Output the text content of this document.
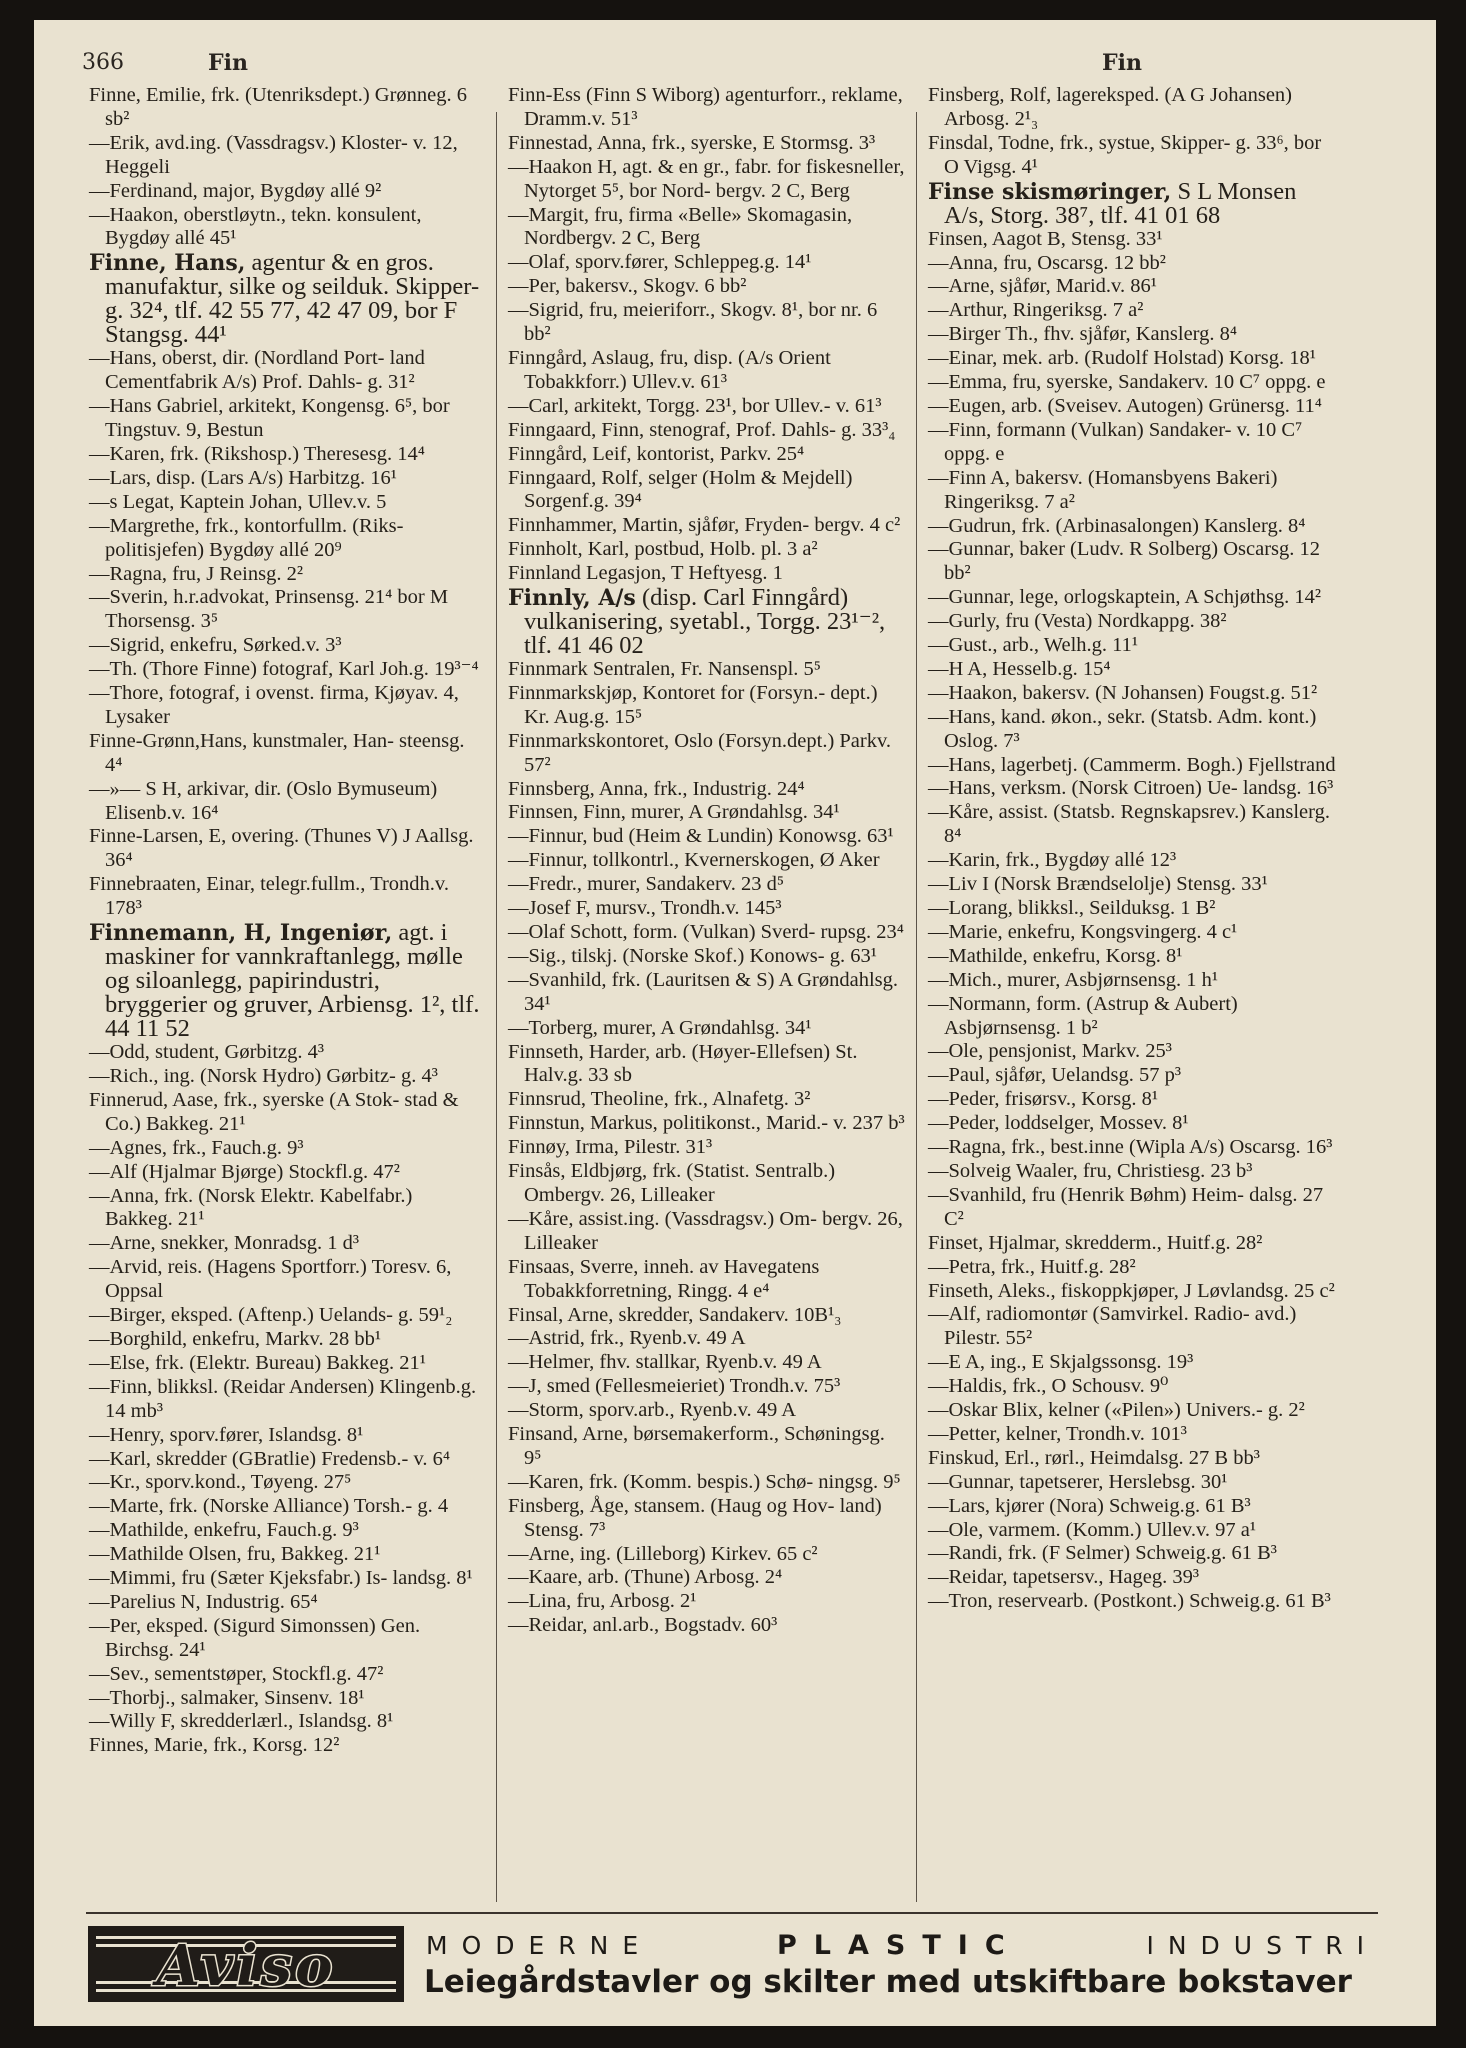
366	Fin	Fin

Finne, Emilie, frk. (Utenriksdept.) Grønneg. 6 sb²

—Erik, avd.ing. (Vassdragsv.) Kloster- v. 12, Heggeli

—Ferdinand, major, Bygdøy allé 9²

—Haakon, oberstløytn., tekn. konsulent, Bygdøy allé 45¹

Finne, Hans, agentur & en gros. manufaktur, silke og seilduk. Skipper- g. 32⁴, tlf. 42 55 77, 42 47 09, bor F Stangsg. 44¹

—Hans, oberst, dir. (Nordland Port- land Cementfabrik A/s) Prof. Dahls- g. 31²

—Hans Gabriel, arkitekt, Kongensg. 6⁵, bor Tingstuv. 9, Bestun

—Karen, frk. (Rikshosp.) Theresesg. 14⁴

—Lars, disp. (Lars A/s) Harbitzg. 16¹

—s Legat, Kaptein Johan, Ullev.v. 5

—Margrethe, frk., kontorfullm. (Riks- politisjefen) Bygdøy allé 20⁹

—Ragna, fru, J Reinsg. 2²

—Sverin, h.r.advokat, Prinsensg. 21⁴ bor M Thorsensg. 3⁵

—Sigrid, enkefru, Sørked.v. 3³

—Th. (Thore Finne) fotograf, Karl Joh.g. 19³⁻⁴

—Thore, fotograf, i ovenst. firma, Kjøyav. 4, Lysaker

Finne-Grønn,Hans, kunstmaler, Han- steensg. 4⁴

—»— S H, arkivar, dir. (Oslo Bymuseum) Elisenb.v. 16⁴

Finne-Larsen, E, overing. (Thunes V) J Aallsg. 36⁴

Finnebraaten, Einar, telegr.fullm., Trondh.v. 178³

Finnemann, H, Ingeniør, agt. i maskiner for vannkraftanlegg, mølle og siloanlegg, papirindustri, bryggerier og gruver, Arbiensg. 1², tlf. 44 11 52

—Odd, student, Gørbitzg. 4³

—Rich., ing. (Norsk Hydro) Gørbitz- g. 4³

Finnerud, Aase, frk., syerske (A Stok- stad & Co.) Bakkeg. 21¹

—Agnes, frk., Fauch.g. 9³

—Alf (Hjalmar Bjørge) Stockfl.g. 47²

—Anna, frk. (Norsk Elektr. Kabelfabr.) Bakkeg. 21¹

—Arne, snekker, Monradsg. 1 d³

—Arvid, reis. (Hagens Sportforr.) Toresv. 6, Oppsal

—Birger, eksped. (Aftenp.) Uelands- g. 59¹₂

—Borghild, enkefru, Markv. 28 bb¹

—Else, frk. (Elektr. Bureau) Bakkeg. 21¹

—Finn, blikksl. (Reidar Andersen) Klingenb.g. 14 mb³

—Henry, sporv.fører, Islandsg. 8¹

—Karl, skredder (GBratlie) Fredensb.- v. 6⁴

—Kr., sporv.kond., Tøyeng. 27⁵

—Marte, frk. (Norske Alliance) Torsh.- g. 4

—Mathilde, enkefru, Fauch.g. 9³

—Mathilde Olsen, fru, Bakkeg. 21¹

—Mimmi, fru (Sæter Kjeksfabr.) Is- landsg. 8¹

—Parelius N, Industrig. 65⁴

—Per, eksped. (Sigurd Simonssen) Gen. Birchsg. 24¹

—Sev., sementstøper, Stockfl.g. 47²

—Thorbj., salmaker, Sinsenv. 18¹

—Willy F, skredderlærl., Islandsg. 8¹

Finnes, Marie, frk., Korsg. 12²

Finn-Ess (Finn S Wiborg) agenturforr., reklame, Dramm.v. 51³

Finnestad, Anna, frk., syerske, E Stormsg. 3³

—Haakon H, agt. & en gr., fabr. for fiskesneller, Nytorget 5⁵, bor Nord- bergv. 2 C, Berg

—Margit, fru, firma «Belle» Skomagasin, Nordbergv. 2 C, Berg

—Olaf, sporv.fører, Schleppeg.g. 14¹

—Per, bakersv., Skogv. 6 bb²

—Sigrid, fru, meieriforr., Skogv. 8¹, bor nr. 6 bb²

Finngård, Aslaug, fru, disp. (A/s Orient Tobakkforr.) Ullev.v. 61³

—Carl, arkitekt, Torgg. 23¹, bor Ullev.- v. 61³

Finngaard, Finn, stenograf, Prof. Dahls- g. 33³₄

Finngård, Leif, kontorist, Parkv. 25⁴

Finngaard, Rolf, selger (Holm & Mejdell) Sorgenf.g. 39⁴

Finnhammer, Martin, sjåfør, Fryden- bergv. 4 c²

Finnholt, Karl, postbud, Holb. pl. 3 a²

Finnland Legasjon, T Heftyesg. 1

Finnly, A/s (disp. Carl Finngård) vulkanisering, syetabl., Torgg. 23¹⁻², tlf. 41 46 02

Finnmark Sentralen, Fr. Nansenspl. 5⁵

Finnmarkskjøp, Kontoret for (Forsyn.- dept.) Kr. Aug.g. 15⁵

Finnmarkskontoret, Oslo (Forsyn.dept.) Parkv. 57²

Finnsberg, Anna, frk., Industrig. 24⁴

Finnsen, Finn, murer, A Grøndahlsg. 34¹

—Finnur, bud (Heim & Lundin) Konowsg. 63¹

—Finnur, tollkontrl., Kvernerskogen, Ø Aker

—Fredr., murer, Sandakerv. 23 d⁵

—Josef F, mursv., Trondh.v. 145³

—Olaf Schott, form. (Vulkan) Sverd- rupsg. 23⁴

—Sig., tilskj. (Norske Skof.) Konows- g. 63¹

—Svanhild, frk. (Lauritsen & S) A Grøndahlsg. 34¹

—Torberg, murer, A Grøndahlsg. 34¹

Finnseth, Harder, arb. (Høyer-Ellefsen) St. Halv.g. 33 sb

Finnsrud, Theoline, frk., Alnafetg. 3²

Finnstun, Markus, politikonst., Marid.- v. 237 b³

Finnøy, Irma, Pilestr. 31³

Finsås, Eldbjørg, frk. (Statist. Sentralb.) Ombergv. 26, Lilleaker

—Kåre, assist.ing. (Vassdragsv.) Om- bergv. 26, Lilleaker

Finsaas, Sverre, inneh. av Havegatens Tobakkforretning, Ringg. 4 e⁴

Finsal, Arne, skredder, Sandakerv. 10B¹₃

—Astrid, frk., Ryenb.v. 49 A

—Helmer, fhv. stallkar, Ryenb.v. 49 A

—J, smed (Fellesmeieriet) Trondh.v. 75³

—Storm, sporv.arb., Ryenb.v. 49 A

Finsand, Arne, børsemakerform., Schøningsg. 9⁵

—Karen, frk. (Komm. bespis.) Schø- ningsg. 9⁵

Finsberg, Åge, stansem. (Haug og Hov- land) Stensg. 7³

—Arne, ing. (Lilleborg) Kirkev. 65 c²

—Kaare, arb. (Thune) Arbosg. 2⁴

—Lina, fru, Arbosg. 2¹

—Reidar, anl.arb., Bogstadv. 60³

Finsberg, Rolf, lagereksped. (A G Johansen) Arbosg. 2¹₃

Finsdal, Todne, frk., systue, Skipper- g. 33⁶, bor O Vigsg. 4¹

Finse skismøringer, S L Monsen A/s, Storg. 38⁷, tlf. 41 01 68

Finsen, Aagot B, Stensg. 33¹

—Anna, fru, Oscarsg. 12 bb²

—Arne, sjåfør, Marid.v. 86¹

—Arthur, Ringeriksg. 7 a²

—Birger Th., fhv. sjåfør, Kanslerg. 8⁴

—Einar, mek. arb. (Rudolf Holstad) Korsg. 18¹

—Emma, fru, syerske, Sandakerv. 10 C⁷ oppg. e

—Eugen, arb. (Sveisev. Autogen) Grünersg. 11⁴

—Finn, formann (Vulkan) Sandaker- v. 10 C⁷ oppg. e

—Finn A, bakersv. (Homansbyens Bakeri) Ringeriksg. 7 a²

—Gudrun, frk. (Arbinasalongen) Kanslerg. 8⁴

—Gunnar, baker (Ludv. R Solberg) Oscarsg. 12 bb²

—Gunnar, lege, orlogskaptein, A Schjøthsg. 14²

—Gurly, fru (Vesta) Nordkappg. 38²

—Gust., arb., Welh.g. 11¹

—H A, Hesselb.g. 15⁴

—Haakon, bakersv. (N Johansen) Fougst.g. 51²

—Hans, kand. økon., sekr. (Statsb. Adm. kont.) Oslog. 7³

—Hans, lagerbetj. (Cammerm. Bogh.) Fjellstrand

—Hans, verksm. (Norsk Citroen) Ue- landsg. 16³

—Kåre, assist. (Statsb. Regnskapsrev.) Kanslerg. 8⁴

—Karin, frk., Bygdøy allé 12³

—Liv I (Norsk Brændselolje) Stensg. 33¹

—Lorang, blikksl., Seilduksg. 1 B²

—Marie, enkefru, Kongsvingerg. 4 c¹

—Mathilde, enkefru, Korsg. 8¹

—Mich., murer, Asbjørnsensg. 1 h¹

—Normann, form. (Astrup & Aubert) Asbjørnsensg. 1 b²

—Ole, pensjonist, Markv. 25³

—Paul, sjåfør, Uelandsg. 57 p³

—Peder, frisørsv., Korsg. 8¹

—Peder, loddselger, Mossev. 8¹

—Ragna, frk., best.inne (Wipla A/s) Oscarsg. 16³

—Solveig Waaler, fru, Christiesg. 23 b³

—Svanhild, fru (Henrik Bøhm) Heim- dalsg. 27 C²

Finset, Hjalmar, skredderm., Huitf.g. 28²

—Petra, frk., Huitf.g. 28²

Finseth, Aleks., fiskoppkjøper, J Løvlandsg. 25 c²

—Alf, radiomontør (Samvirkel. Radio- avd.) Pilestr. 55²

—E A, ing., E Skjalgssonsg. 19³

—Haldis, frk., O Schousv. 9⁰

—Oskar Blix, kelner («Pilen») Univers.- g. 2²

—Petter, kelner, Trondh.v. 101³

Finskud, Erl., rørl., Heimdalsg. 27 B bb³

—Gunnar, tapetserer, Herslebsg. 30¹

—Lars, kjører (Nora) Schweig.g. 61 B³

—Ole, varmem. (Komm.) Ullev.v. 97 a¹

—Randi, frk. (F Selmer) Schweig.g. 61 B³

—Reidar, tapetsersv., Hageg. 39³

—Tron, reservearb. (Postkont.) Schweig.g. 61 B³

Aviso	MODERNE	PLASTIC	INDUSTRI
Leiegårdstavler og skilter med utskiftbare bokstaver
